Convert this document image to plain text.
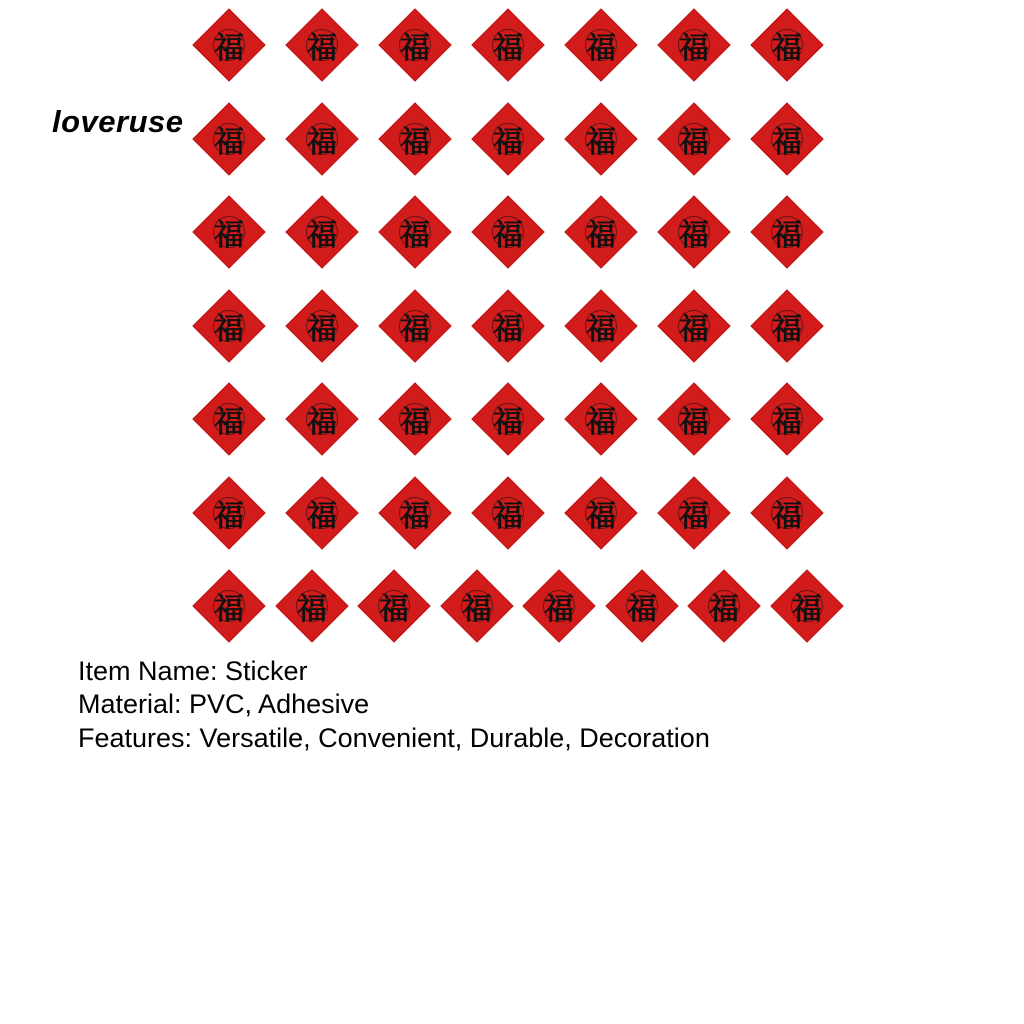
loveruse
福 福 福 福 福 福 福
福 福 福 福 福 福 福
福 福 福 福 福 福 福
福 福 福 福 福 福 福
福 福 福 福 福 福 福
福 福 福 福 福 福 福
福 福 福 福 福 福 福 福
Item Name: Sticker
Material: PVC, Adhesive
Features: Versatile, Convenient, Durable, Decoration
